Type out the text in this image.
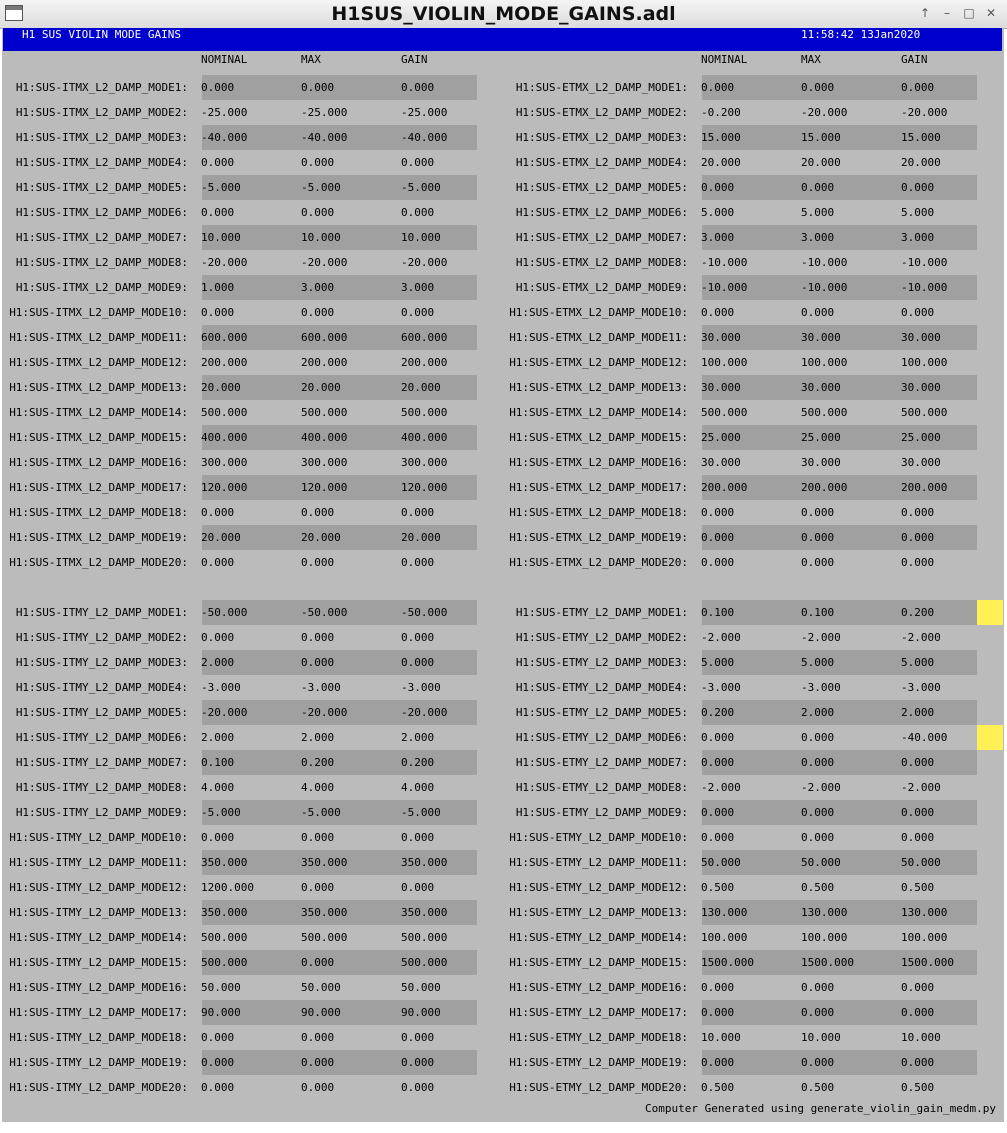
H1SUS_VIOLIN_MODE_GAINS.adl	↑	–	□ ✕
H1 SUS VIOLIN MODE GAINS	11:58:42 13Jan2020
NOMINAL	MAX	GAIN	NOMINAL	MAX	GAIN
Computer Generated using generate_violin_gain_medm.py
H1:SUS-ITMX_L2_DAMP_MODE1: 0.000	0.000	0.000
H1:SUS-ITMX_L2_DAMP_MODE2: -25.000	-25.000	-25.000
H1:SUS-ITMX_L2_DAMP_MODE3: -40.000	-40.000	-40.000
H1:SUS-ITMX_L2_DAMP_MODE4: 0.000	0.000	0.000
H1:SUS-ITMX_L2_DAMP_MODE5: -5.000	-5.000	-5.000
H1:SUS-ITMX_L2_DAMP_MODE6: 0.000	0.000	0.000
H1:SUS-ITMX_L2_DAMP_MODE7: 10.000	10.000	10.000
H1:SUS-ITMX_L2_DAMP_MODE8: -20.000	-20.000	-20.000
H1:SUS-ITMX_L2_DAMP_MODE9: 1.000	3.000	3.000
H1:SUS-ITMX_L2_DAMP_MODE10: 0.000	0.000	0.000
H1:SUS-ITMX_L2_DAMP_MODE11: 600.000	600.000	600.000
H1:SUS-ITMX_L2_DAMP_MODE12: 200.000	200.000	200.000
H1:SUS-ITMX_L2_DAMP_MODE13: 20.000	20.000	20.000
H1:SUS-ITMX_L2_DAMP_MODE14: 500.000	500.000	500.000
H1:SUS-ITMX_L2_DAMP_MODE15: 400.000	400.000	400.000
H1:SUS-ITMX_L2_DAMP_MODE16: 300.000	300.000	300.000
H1:SUS-ITMX_L2_DAMP_MODE17: 120.000	120.000	120.000
H1:SUS-ITMX_L2_DAMP_MODE18: 0.000	0.000	0.000
H1:SUS-ITMX_L2_DAMP_MODE19: 20.000	20.000	20.000
H1:SUS-ITMX_L2_DAMP_MODE20: 0.000	0.000	0.000
H1:SUS-ETMX_L2_DAMP_MODE1: 0.000	0.000	0.000
H1:SUS-ETMX_L2_DAMP_MODE2: -0.200	-20.000	-20.000
H1:SUS-ETMX_L2_DAMP_MODE3: 15.000	15.000	15.000
H1:SUS-ETMX_L2_DAMP_MODE4: 20.000	20.000	20.000
H1:SUS-ETMX_L2_DAMP_MODE5: 0.000	0.000	0.000
H1:SUS-ETMX_L2_DAMP_MODE6: 5.000	5.000	5.000
H1:SUS-ETMX_L2_DAMP_MODE7: 3.000	3.000	3.000
H1:SUS-ETMX_L2_DAMP_MODE8: -10.000	-10.000	-10.000
H1:SUS-ETMX_L2_DAMP_MODE9: -10.000	-10.000	-10.000
H1:SUS-ETMX_L2_DAMP_MODE10: 0.000	0.000	0.000
H1:SUS-ETMX_L2_DAMP_MODE11: 30.000	30.000	30.000
H1:SUS-ETMX_L2_DAMP_MODE12: 100.000	100.000	100.000
H1:SUS-ETMX_L2_DAMP_MODE13: 30.000	30.000	30.000
H1:SUS-ETMX_L2_DAMP_MODE14: 500.000	500.000	500.000
H1:SUS-ETMX_L2_DAMP_MODE15: 25.000	25.000	25.000
H1:SUS-ETMX_L2_DAMP_MODE16: 30.000	30.000	30.000
H1:SUS-ETMX_L2_DAMP_MODE17: 200.000	200.000	200.000
H1:SUS-ETMX_L2_DAMP_MODE18: 0.000	0.000	0.000
H1:SUS-ETMX_L2_DAMP_MODE19: 0.000	0.000	0.000
H1:SUS-ETMX_L2_DAMP_MODE20: 0.000	0.000	0.000
H1:SUS-ITMY_L2_DAMP_MODE1: -50.000	-50.000	-50.000
H1:SUS-ITMY_L2_DAMP_MODE2: 0.000	0.000	0.000
H1:SUS-ITMY_L2_DAMP_MODE3: 2.000	0.000	0.000
H1:SUS-ITMY_L2_DAMP_MODE4: -3.000	-3.000	-3.000
H1:SUS-ITMY_L2_DAMP_MODE5: -20.000	-20.000	-20.000
H1:SUS-ITMY_L2_DAMP_MODE6: 2.000	2.000	2.000
H1:SUS-ITMY_L2_DAMP_MODE7: 0.100	0.200	0.200
H1:SUS-ITMY_L2_DAMP_MODE8: 4.000	4.000	4.000
H1:SUS-ITMY_L2_DAMP_MODE9: -5.000	-5.000	-5.000
H1:SUS-ITMY_L2_DAMP_MODE10: 0.000	0.000	0.000
H1:SUS-ITMY_L2_DAMP_MODE11: 350.000	350.000	350.000
H1:SUS-ITMY_L2_DAMP_MODE12: 1200.000	0.000	0.000
H1:SUS-ITMY_L2_DAMP_MODE13: 350.000	350.000	350.000
H1:SUS-ITMY_L2_DAMP_MODE14: 500.000	500.000	500.000
H1:SUS-ITMY_L2_DAMP_MODE15: 500.000	0.000	500.000
H1:SUS-ITMY_L2_DAMP_MODE16: 50.000	50.000	50.000
H1:SUS-ITMY_L2_DAMP_MODE17: 90.000	90.000	90.000
H1:SUS-ITMY_L2_DAMP_MODE18: 0.000	0.000	0.000
H1:SUS-ITMY_L2_DAMP_MODE19: 0.000	0.000	0.000
H1:SUS-ITMY_L2_DAMP_MODE20: 0.000	0.000	0.000
H1:SUS-ETMY_L2_DAMP_MODE1: 0.100	0.100	0.200
H1:SUS-ETMY_L2_DAMP_MODE2: -2.000	-2.000	-2.000
H1:SUS-ETMY_L2_DAMP_MODE3: 5.000	5.000	5.000
H1:SUS-ETMY_L2_DAMP_MODE4: -3.000	-3.000	-3.000
H1:SUS-ETMY_L2_DAMP_MODE5: 0.200	2.000	2.000
H1:SUS-ETMY_L2_DAMP_MODE6: 0.000	0.000	-40.000
H1:SUS-ETMY_L2_DAMP_MODE7: 0.000	0.000	0.000
H1:SUS-ETMY_L2_DAMP_MODE8: -2.000	-2.000	-2.000
H1:SUS-ETMY_L2_DAMP_MODE9: 0.000	0.000	0.000
H1:SUS-ETMY_L2_DAMP_MODE10: 0.000	0.000	0.000
H1:SUS-ETMY_L2_DAMP_MODE11: 50.000	50.000	50.000
H1:SUS-ETMY_L2_DAMP_MODE12: 0.500	0.500	0.500
H1:SUS-ETMY_L2_DAMP_MODE13: 130.000	130.000	130.000
H1:SUS-ETMY_L2_DAMP_MODE14: 100.000	100.000	100.000
H1:SUS-ETMY_L2_DAMP_MODE15: 1500.000	1500.000	1500.000
H1:SUS-ETMY_L2_DAMP_MODE16: 0.000	0.000	0.000
H1:SUS-ETMY_L2_DAMP_MODE17: 0.000	0.000	0.000
H1:SUS-ETMY_L2_DAMP_MODE18: 10.000	10.000	10.000
H1:SUS-ETMY_L2_DAMP_MODE19: 0.000	0.000	0.000
H1:SUS-ETMY_L2_DAMP_MODE20: 0.500	0.500	0.500
